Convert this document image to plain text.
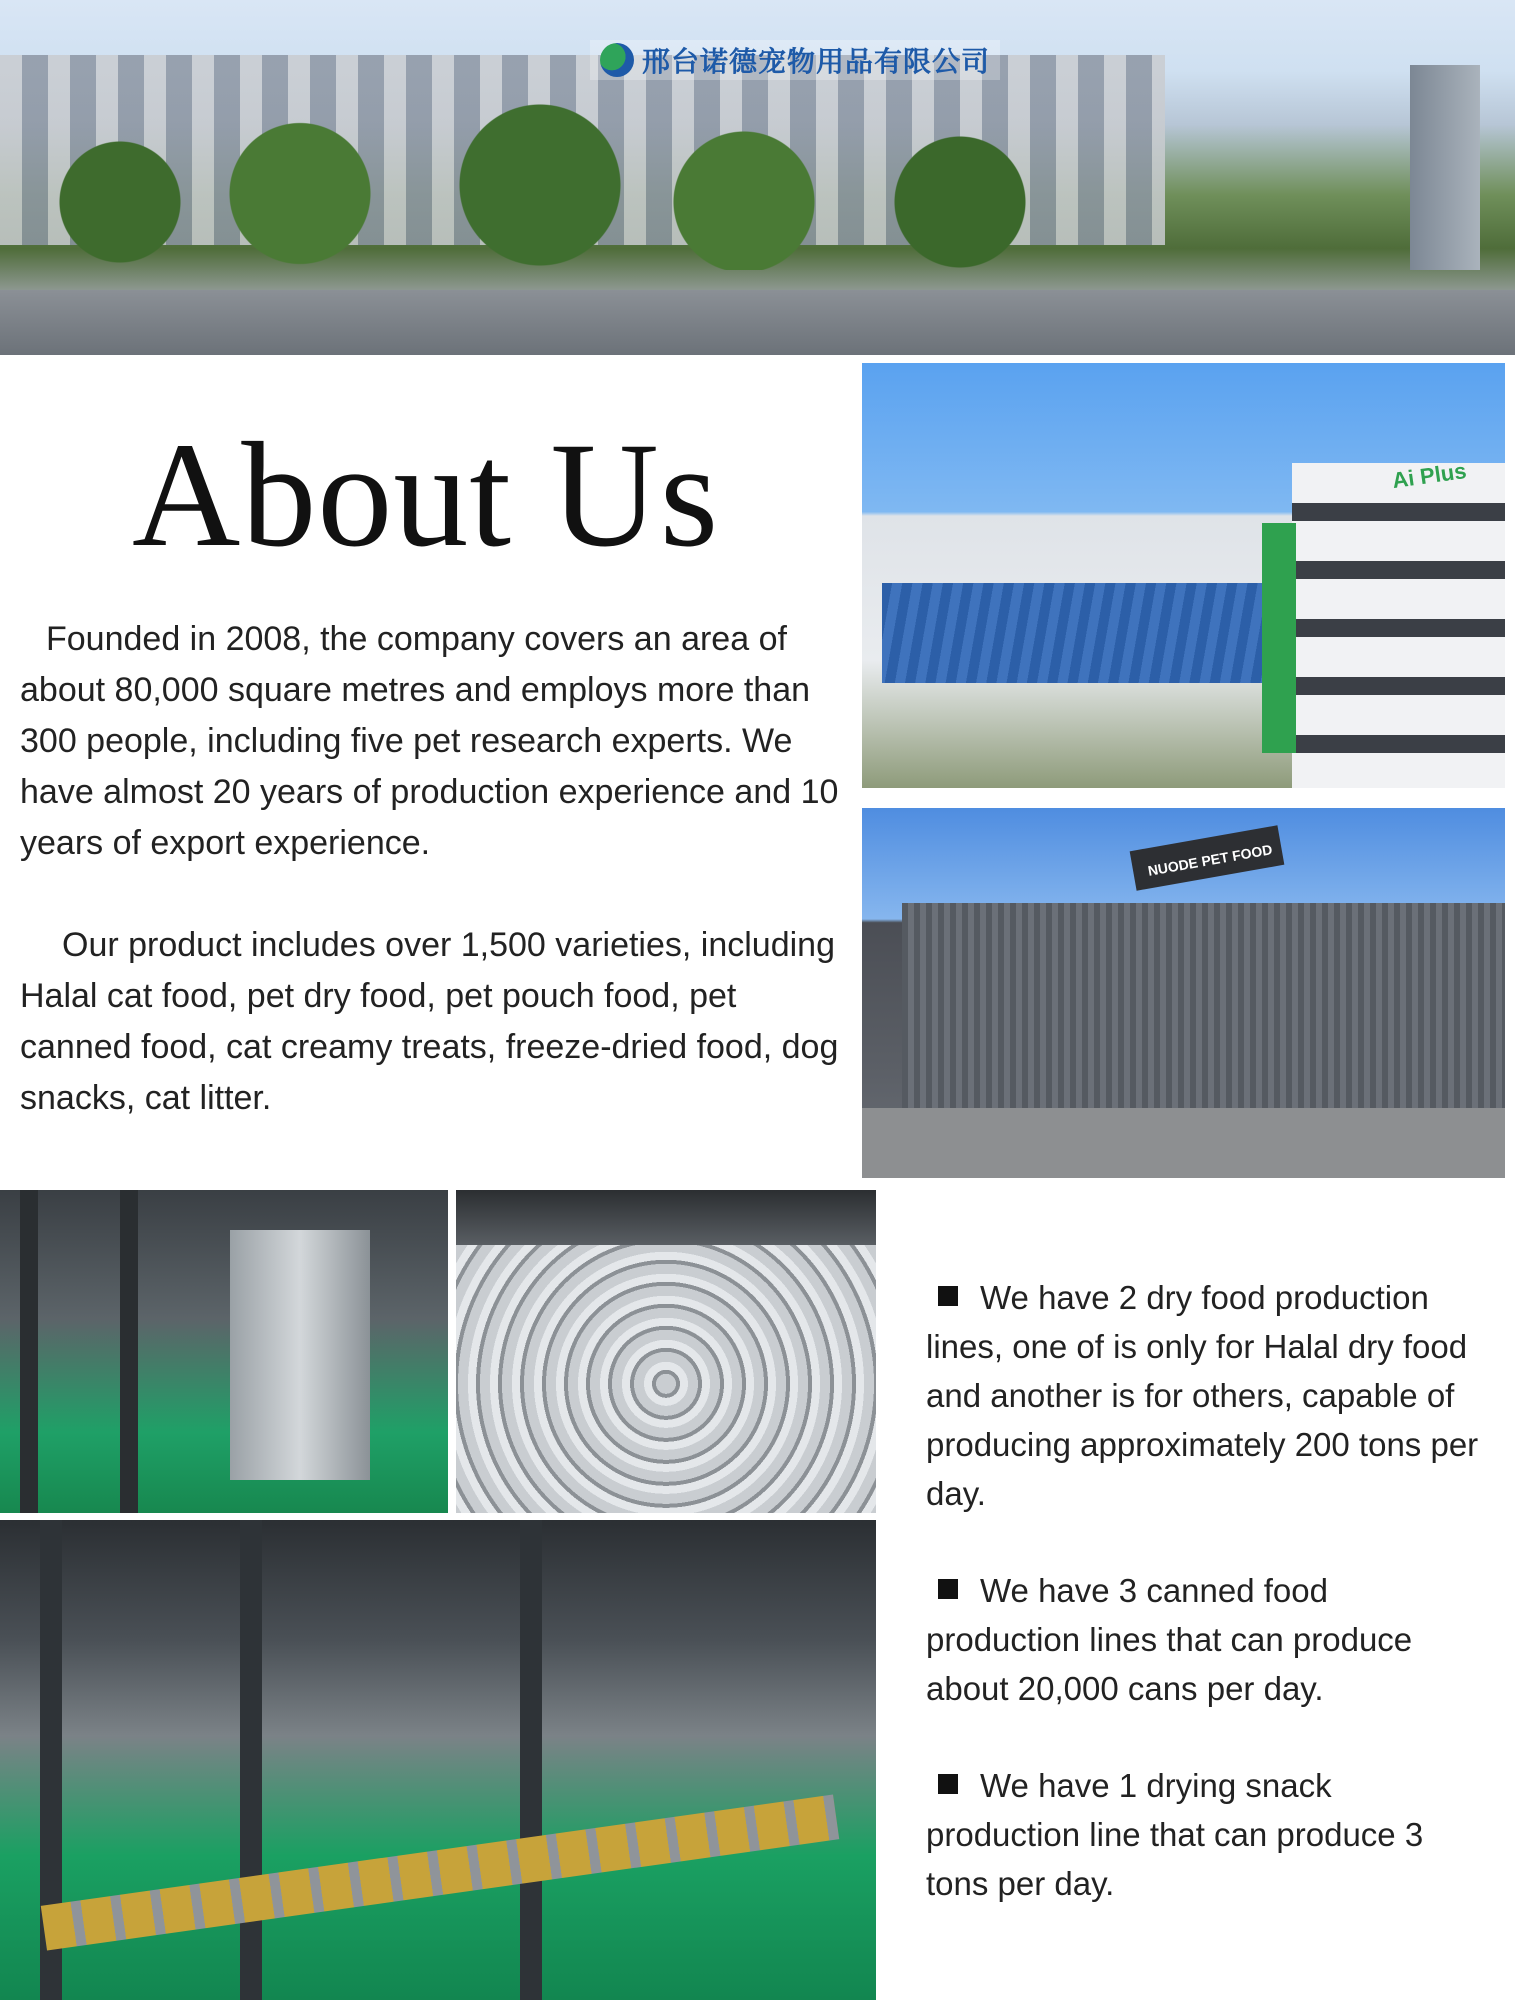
邢台诺德宠物用品有限公司
About Us

Founded in 2008, the company covers an area of about 80,000 square metres and employs more than 300 people, including five pet research experts. We have almost 20 years of production experience and 10 years of export experience.

Our product includes over 1,500 varieties, including Halal cat food, pet dry food, pet pouch food, pet canned food, cat creamy treats, freeze-dried food, dog snacks, cat litter.

Ai Plus
NUODE PET FOOD

We have 2 dry food production lines, one of is only for Halal dry food and another is for others, capable of producing approximately 200 tons per day.

We have 3 canned food production lines that can produce about 20,000 cans per day.

We have 1 drying snack production line that can produce 3 tons per day.
